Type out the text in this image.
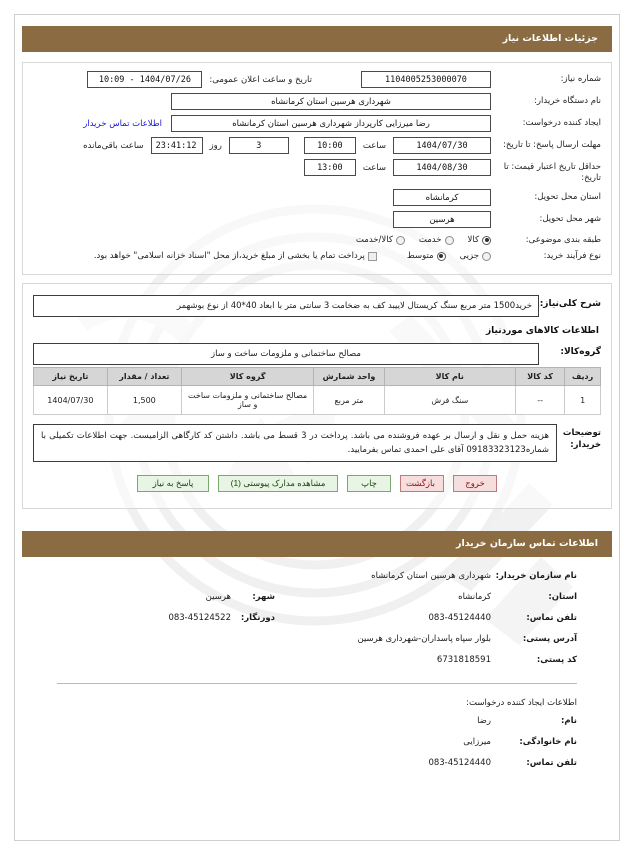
جزئیات اطلاعات نیاز
شماره نیاز:
1104005253000070
تاریخ و ساعت اعلان عمومی:
1404/07/26 - 10:09
نام دستگاه خریدار:
شهرداری هرسین استان کرمانشاه
ایجاد کننده درخواست:
رضا میرزایی کارپرداز شهرداری هرسین استان کرمانشاه
اطلاعات تماس خریدار
مهلت ارسال پاسخ: تا تاریخ:
1404/07/30
ساعت
10:00
3
روز
23:41:12
ساعت باقی‌مانده
حداقل تاریخ اعتبار قیمت: تا تاریخ:
1404/08/30
ساعت
13:00
استان محل تحویل:
کرمانشاه
شهر محل تحویل:
هرسین
طبقه بندی موضوعی:
کالا
خدمت
کالا/خدمت
نوع فرآیند خرید:
جزیی
متوسط
پرداخت تمام یا بخشی از مبلغ خرید،از محل "اسناد خزانه اسلامی" خواهد بود.
شرح کلی‌نیاز:
خرید1500 متر مربع سنگ کریستال لاییبد کف به ضخامت 3 سانتی متر با ابعاد 40*40 از نوع بوشهمر
اطلاعات کالاهای موردنیاز
گروه‌کالا:
مصالح ساختمانی و ملزومات ساخت و ساز
ردیف	کد کالا	نام کالا	واحد شمارش	گروه کالا	تعداد / مقدار	تاریخ نیاز
1	--	سنگ فرش	متر مربع	مصالح ساختمانی و ملزومات ساخت و ساز	1,500	1404/07/30
توضیحات خریدار:
هزینه حمل و نقل و ارسال بر عهده فروشنده می باشد. پرداخت در 3 قسط می باشد. داشتن کد کارگاهی الزامیست. جهت اطلاعات تکمیلی با شماره09183323123 آقای علی احمدی تماس بفرمایید.
خروج
بازگشت
چاپ
مشاهده مدارک پیوستی (1)
پاسخ به نیاز
اطلاعات تماس سازمان خریدار
نام سازمان خریدار:
شهرداری هرسین استان کرمانشاه
استان:
کرمانشاه
شهر:
هرسین
تلفن تماس:
083-45124440
دورنگار:
083-45124522
آدرس پستی:
بلوار سپاه پاسداران-شهرداری هرسین
کد پستی:
6731818591
اطلاعات ایجاد کننده درخواست:
نام:
رضا
نام خانوادگی:
میرزایی
تلفن تماس:
083-45124440
